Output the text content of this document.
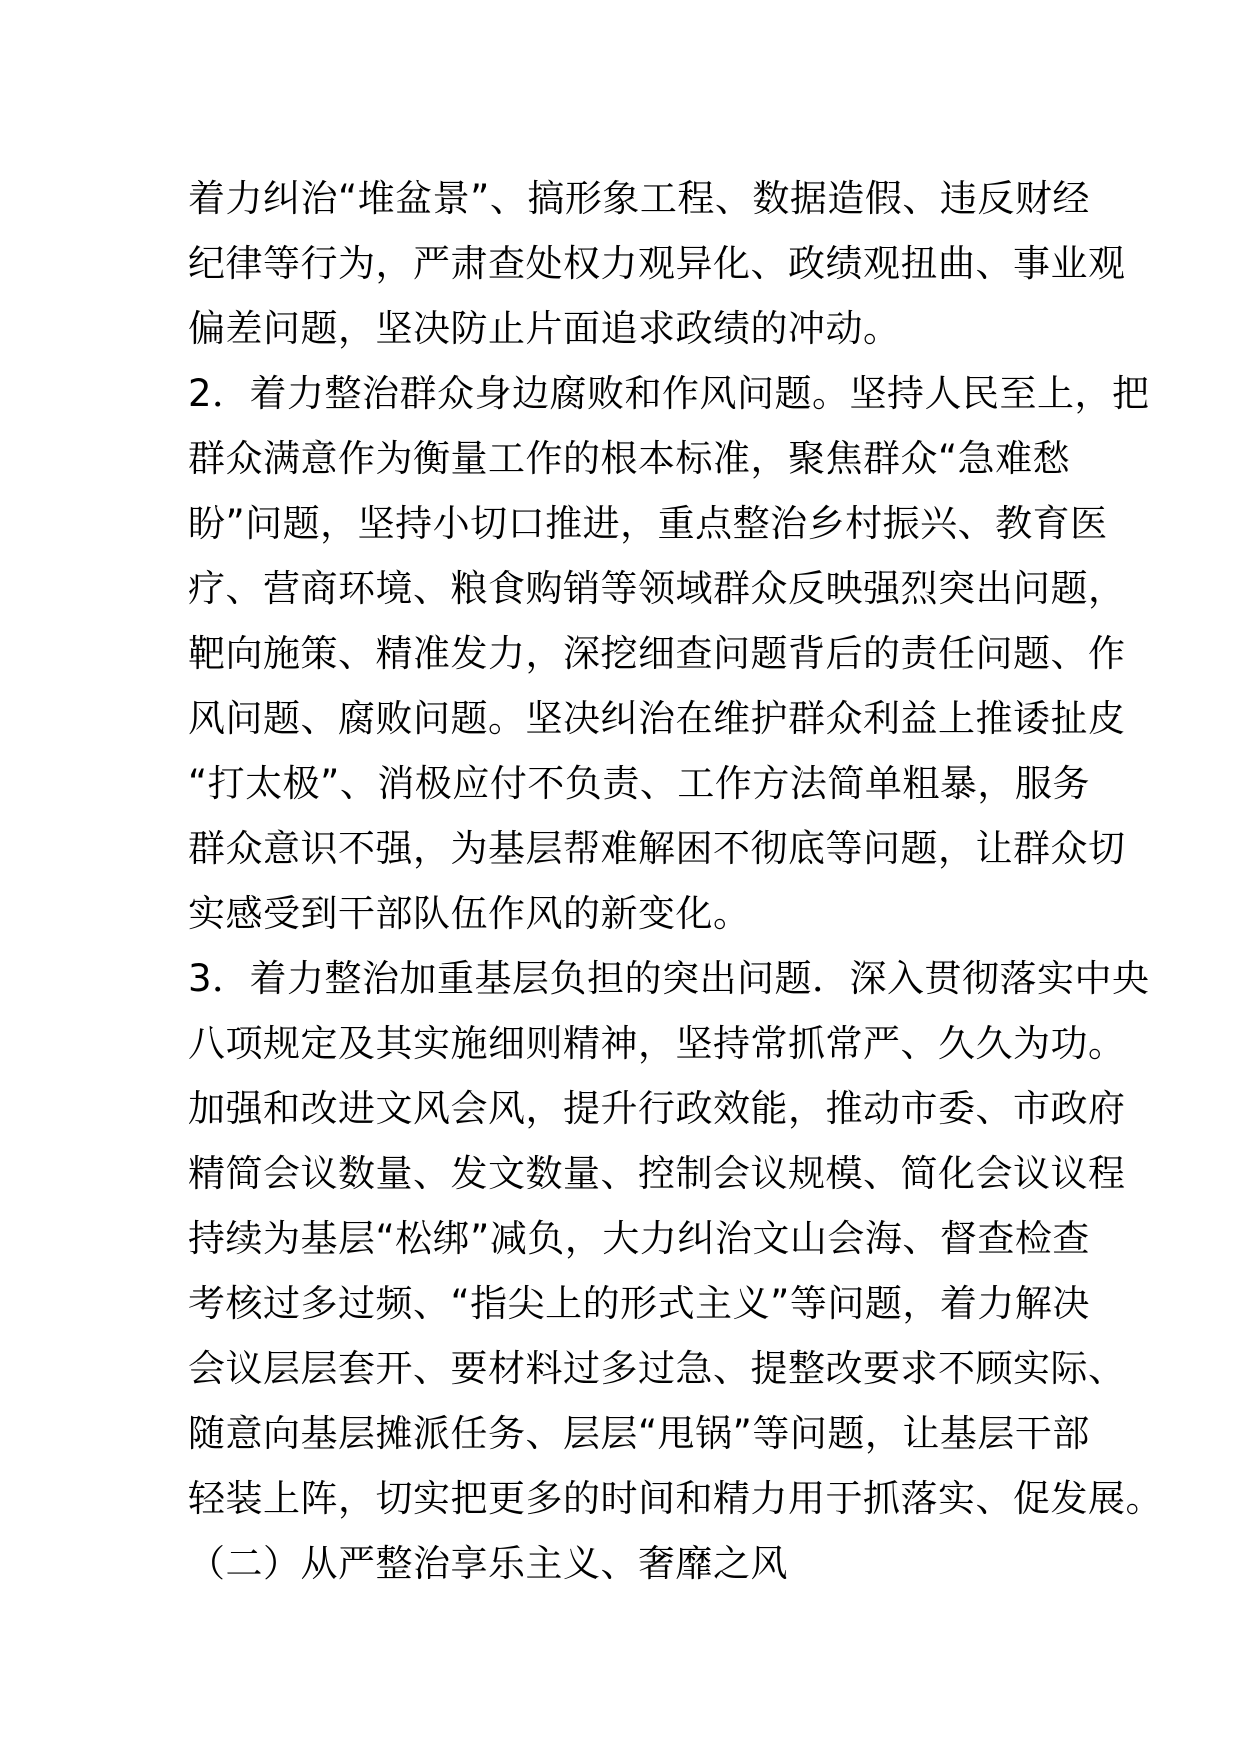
着力纠治“堆盆景”、搞形象工程、数据造假、违反财经
纪律等行为，严肃查处权力观异化、政绩观扭曲、事业观
偏差问题，坚决防止片面追求政绩的冲动。
2．着力整治群众身边腐败和作风问题。坚持人民至上，把
群众满意作为衡量工作的根本标准，聚焦群众“急难愁
盼”问题，坚持小切口推进，重点整治乡村振兴、教育医
疗、营商环境、粮食购销等领域群众反映强烈突出问题，
靶向施策、精准发力，深挖细查问题背后的责任问题、作
风问题、腐败问题。坚决纠治在维护群众利益上推诿扯皮
“打太极”、消极应付不负责、工作方法简单粗暴，服务
群众意识不强，为基层帮难解困不彻底等问题，让群众切
实感受到干部队伍作风的新变化。
3．着力整治加重基层负担的突出问题．深入贯彻落实中央
八项规定及其实施细则精神，坚持常抓常严、久久为功。
加强和改进文风会风，提升行政效能，推动市委、市政府
精简会议数量、发文数量、控制会议规模、简化会议议程
持续为基层“松绑”减负，大力纠治文山会海、督查检查
考核过多过频、“指尖上的形式主义”等问题，着力解决
会议层层套开、要材料过多过急、提整改要求不顾实际、
随意向基层摊派任务、层层“甩锅”等问题，让基层干部
轻装上阵，切实把更多的时间和精力用于抓落实、促发展。
（二）从严整治享乐主义、奢靡之风
